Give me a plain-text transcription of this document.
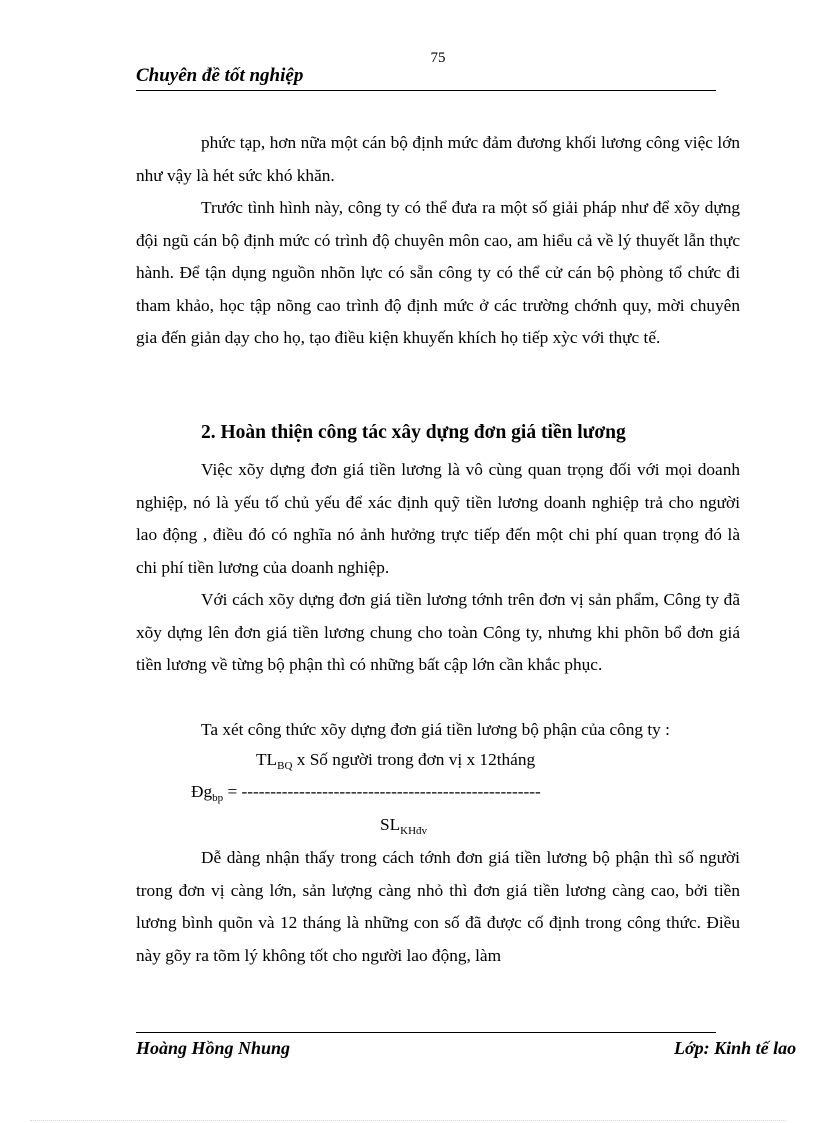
75
Chuyên đề tốt nghiệp
phức tạp, hơn nữa một cán bộ định mức đảm đương khối lương công việc lớn như vậy là hét sức khó khăn.
Trước tình hình này, công ty có thể đưa ra một số giải pháp như để xõy dựng đội ngũ cán bộ định mức có trình độ chuyên môn cao, am hiểu cả về lý thuyết lẫn thực hành. Để tận dụng nguồn nhõn lực có sẵn công ty có thể cử cán bộ phòng tổ chức đi tham khảo, học tập nõng cao trình độ định mức ở các trường chớnh quy, mời chuyên gia đến giản dạy cho họ, tạo điều kiện khuyến khích họ tiếp xỳc với thực tế.
2. Hoàn thiện công tác xây dựng đơn giá tiền lương
Việc xõy dựng đơn giá tiền lương là vô cùng quan trọng đối với mọi doanh nghiệp, nó là yếu tố chủ yếu để xác định quỹ tiền lương doanh nghiệp trả cho người lao động , điều đó có nghĩa nó ảnh hưởng trực tiếp đến một chi phí quan trọng đó là chi phí tiền lương của doanh nghiệp.
Với cách xõy dựng đơn giá tiền lương tớnh trên đơn vị sản phẩm, Công ty đã xõy dựng lên đơn giá tiền lương chung cho toàn Công ty, nhưng khi phõn bổ đơn giá tiền lương về từng bộ phận thì có những bất cập lớn cần khắc phục.
Ta xét công thức xõy dựng đơn giá tiền lương bộ phận của công ty :
$TL_{BQ}$ x Số người trong đơn vị x 12tháng
$Đg_{bp}$ = ----------------------------------------------------
$SL_{KHđv}$
Dễ dàng nhận thấy trong cách tớnh đơn giá tiền lương bộ phận thì số người trong đơn vị càng lớn, sản lượng càng nhỏ thì đơn giá tiền lương càng cao, bởi tiền lương bình quõn và 12 tháng là những con số đã được cố định trong công thức. Điều này gõy ra tõm lý không tốt cho người lao động, làm
Hoàng Hồng Nhung	Lớp: Kinh tế lao
